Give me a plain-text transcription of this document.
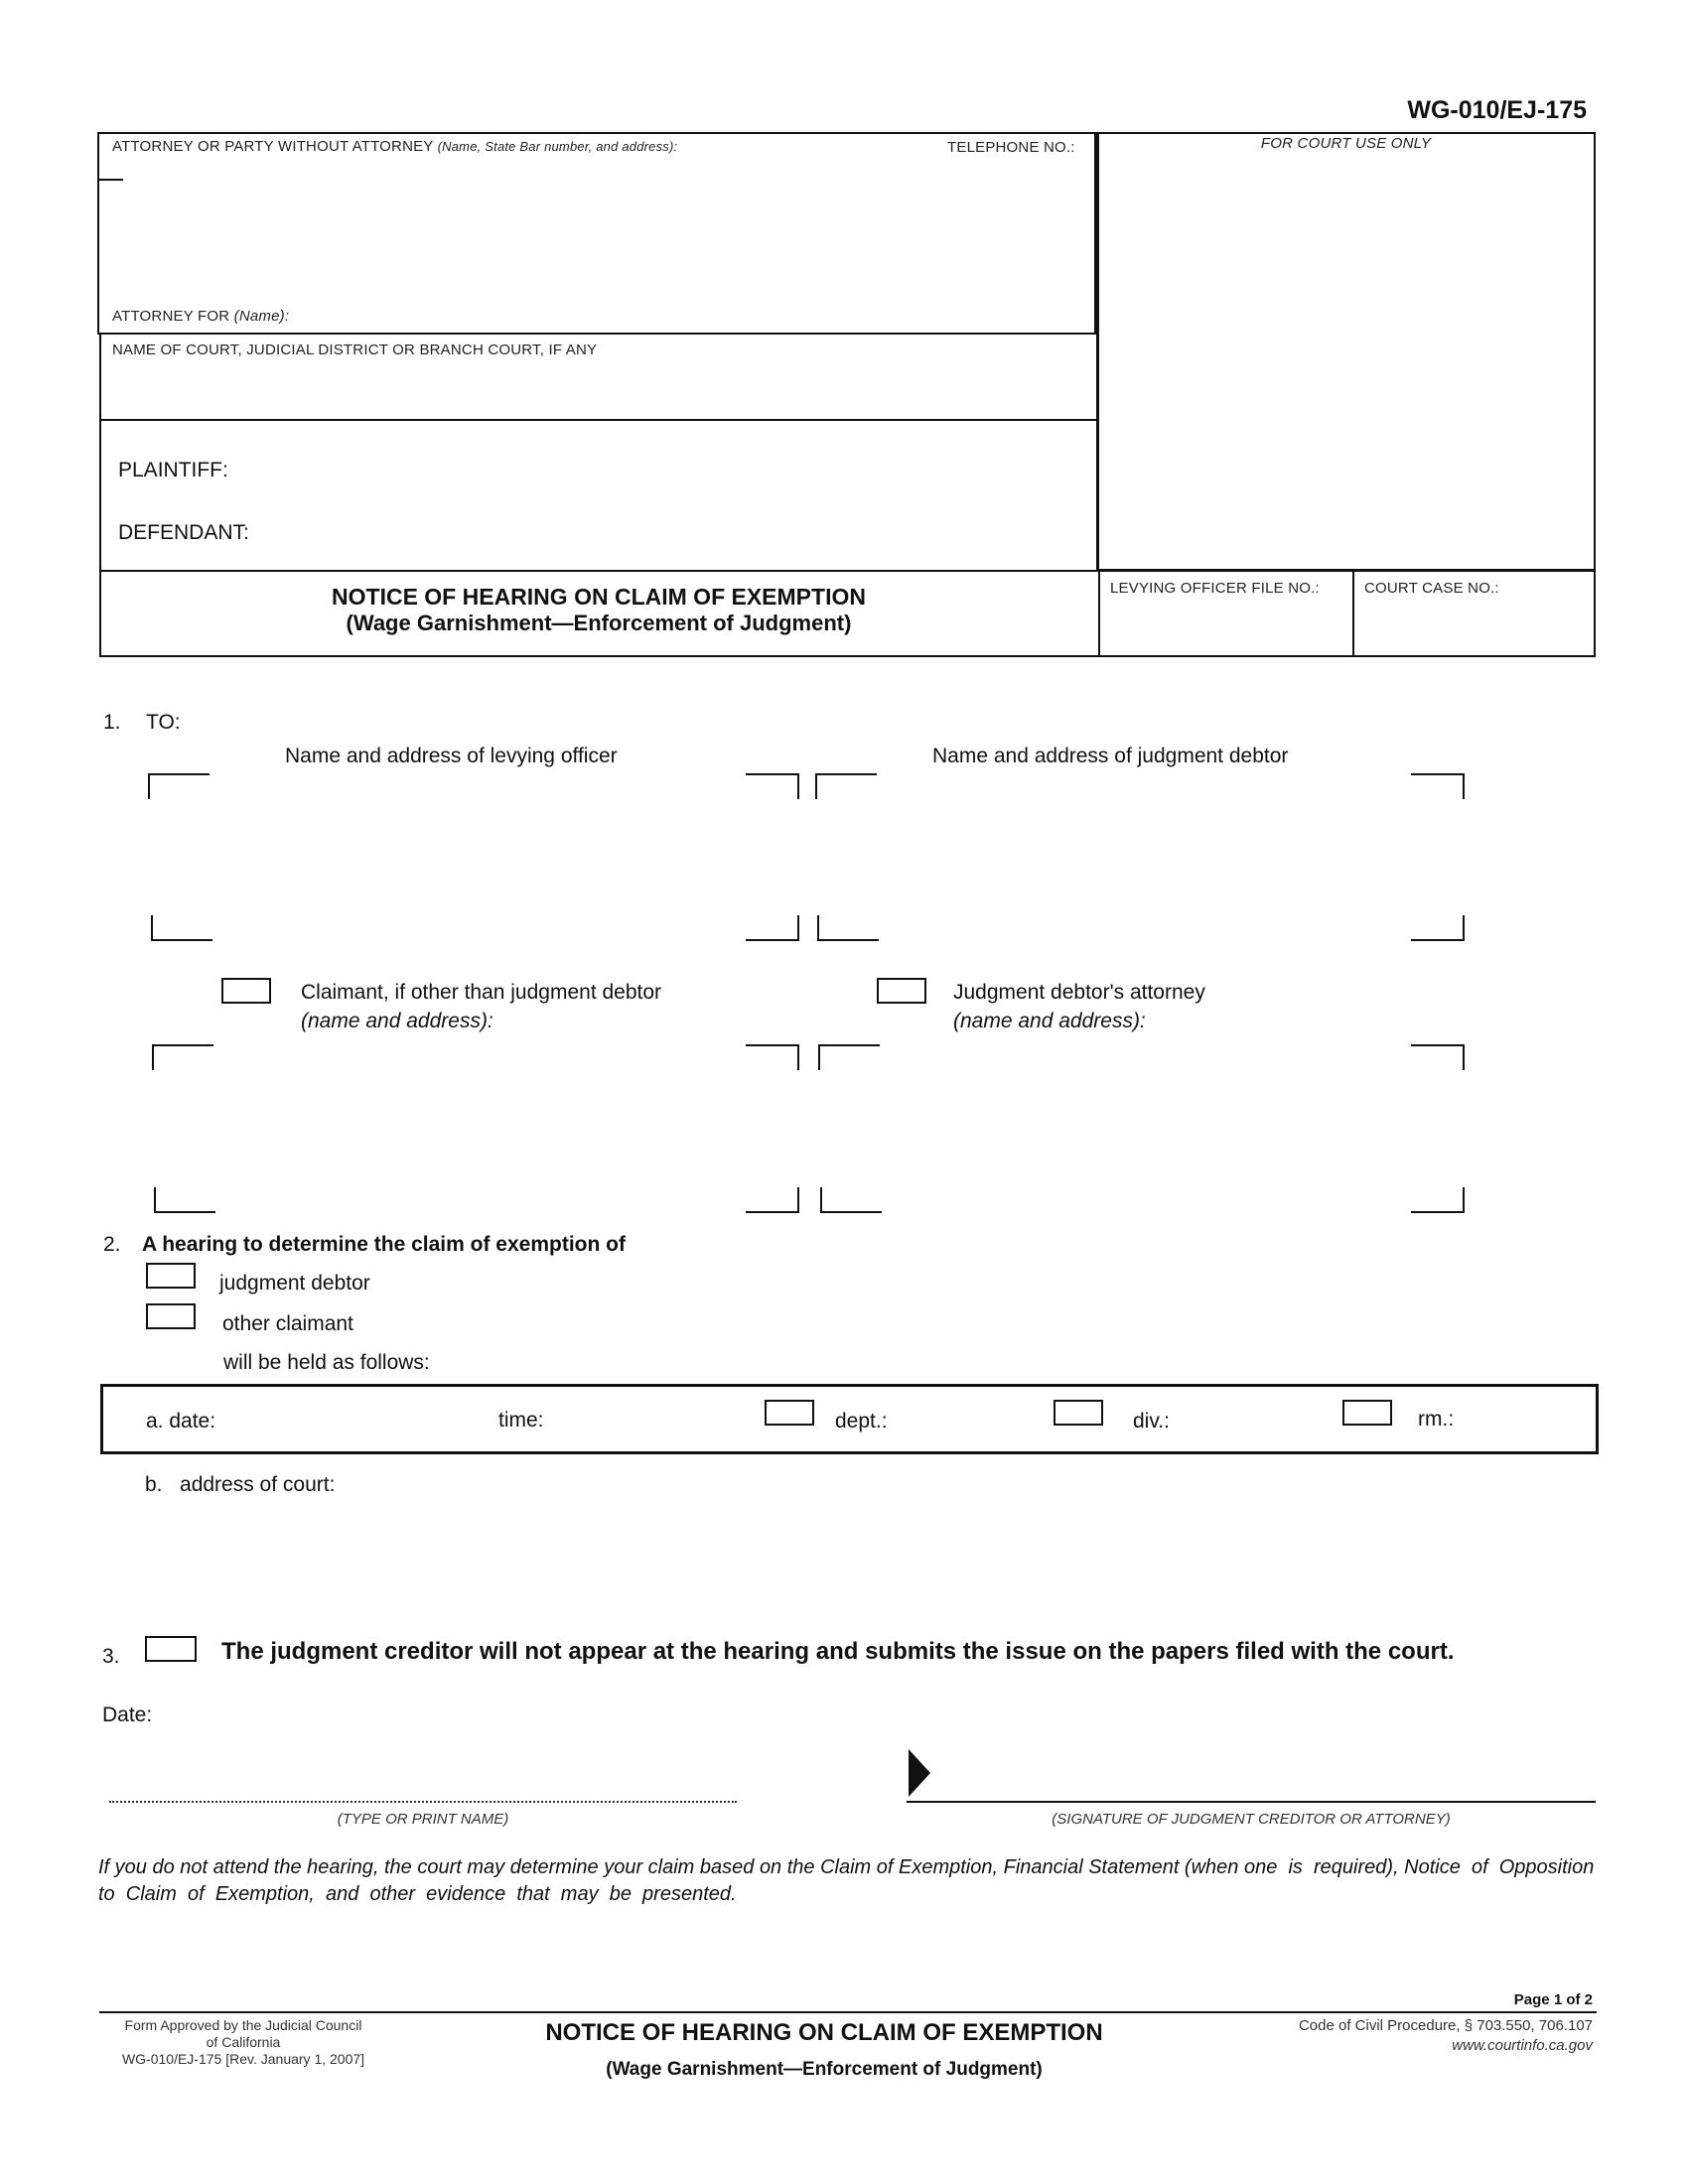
WG-010/EJ-175
ATTORNEY OR PARTY WITHOUT ATTORNEY (Name, State Bar number, and address):	TELEPHONE NO.:
ATTORNEY FOR (Name):
FOR COURT USE ONLY
NAME OF COURT, JUDICIAL DISTRICT OR BRANCH COURT, IF ANY
PLAINTIFF:
DEFENDANT:
NOTICE OF HEARING ON CLAIM OF EXEMPTION
(Wage Garnishment—Enforcement of Judgment)
LEVYING OFFICER FILE NO.:	COURT CASE NO.:
1. TO:
Name and address of levying officer	Name and address of judgment debtor
Claimant, if other than judgment debtor
(name and address):
Judgment debtor's attorney
(name and address):
2. A hearing to determine the claim of exemption of
judgment debtor
other claimant
will be held as follows:
a. date:	time:	dept.:	div.:	rm.:
b.   address of court:
3.	The judgment creditor will not appear at the hearing and submits the issue on the papers filed with the court.
Date:
(TYPE OR PRINT NAME)	(SIGNATURE OF JUDGMENT CREDITOR OR ATTORNEY)
If you do not attend the hearing, the court may determine your claim based on the Claim of Exemption, Financial Statement (when one  is  required), Notice  of  Opposition  to  Claim  of  Exemption,  and  other  evidence  that  may  be  presented.
Page 1 of 2
Form Approved by the Judicial Council
of California
WG-010/EJ-175 [Rev. January 1, 2007]
NOTICE OF HEARING ON CLAIM OF EXEMPTION
(Wage Garnishment—Enforcement of Judgment)
Code of Civil Procedure, § 703.550, 706.107
www.courtinfo.ca.gov
